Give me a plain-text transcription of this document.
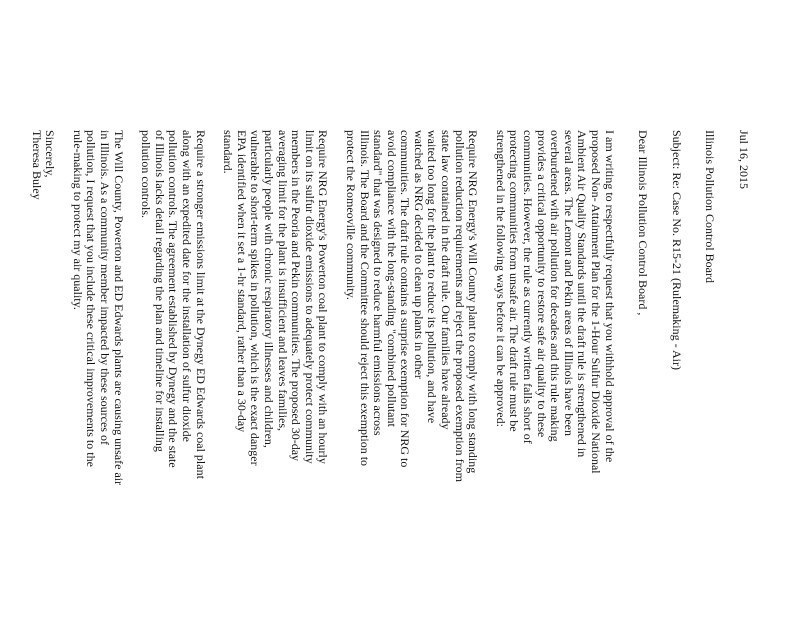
Jul 16, 2015

Illinois Pollution Control Board

Subject: Re: Case No. R15-21 (Rulemaking - Air)

Dear Illinois Pollution Control Board ,

I am writing to respectfully request that you withhold approval of the
proposed Non- Attainment Plan for the 1-Hour Sulfur Dioxide National
Ambient Air Quality Standards until the draft rule is strengthened in
several areas. The Lemont and Pekin areas of Illinois have been
overburdened with air pollution for decades and this rule making
provides a critical opportunity to restore safe air quality to these
communities. However, the rule as currently written falls short of
protecting communities from unsafe air. The draft rule must be
strengthened in the following ways before it can be approved:
Require NRG Energy's Will County plant to comply with long standing
pollution reduction requirements and reject the proposed exemption from
state law contained in the draft rule. Our families have already
waited too long for the plant to reduce its pollution, and have
watched as NRG decided to clean up plants in other
communities. The draft rule contains a surprise exemption for NRG to
avoid compliance with the long-standing "combined pollutant
standard" that was designed to reduce harmful emissions across
Illinois. The Board and the Committee should reject this exemption to
protect the Romeoville community.
Require NRG Energy's Powerton coal plant to comply with an hourly
limit on its sulfur dioxide emissions to adequately protect community
members in the Peoria and Pekin communities. The proposed 30-day
averaging limit for the plant is insufficient and leaves families,
particularly people with chronic respiratory illnesses and children,
vulnerable to short-term spikes in pollution, which is the exact danger
EPA identified when it set a 1-hr standard, rather than a 30-day
standard.
Require a stronger emissions limit at the Dynegy ED Edwards coal plant
along with an expedited date for the installation of sulfur dioxide
pollution controls. The agreement established by Dynegy and the state
of Illinois lacks detail regarding the plan and timeline for installing
pollution controls.
The Will County, Powerton and ED Edwards plants are causing unsafe air
in Illinois. As a community member impacted by these sources of
pollution, I request that you include these critical improvements to the
rule-making to protect my air quality.

Sincerely,

Theresa Buley
